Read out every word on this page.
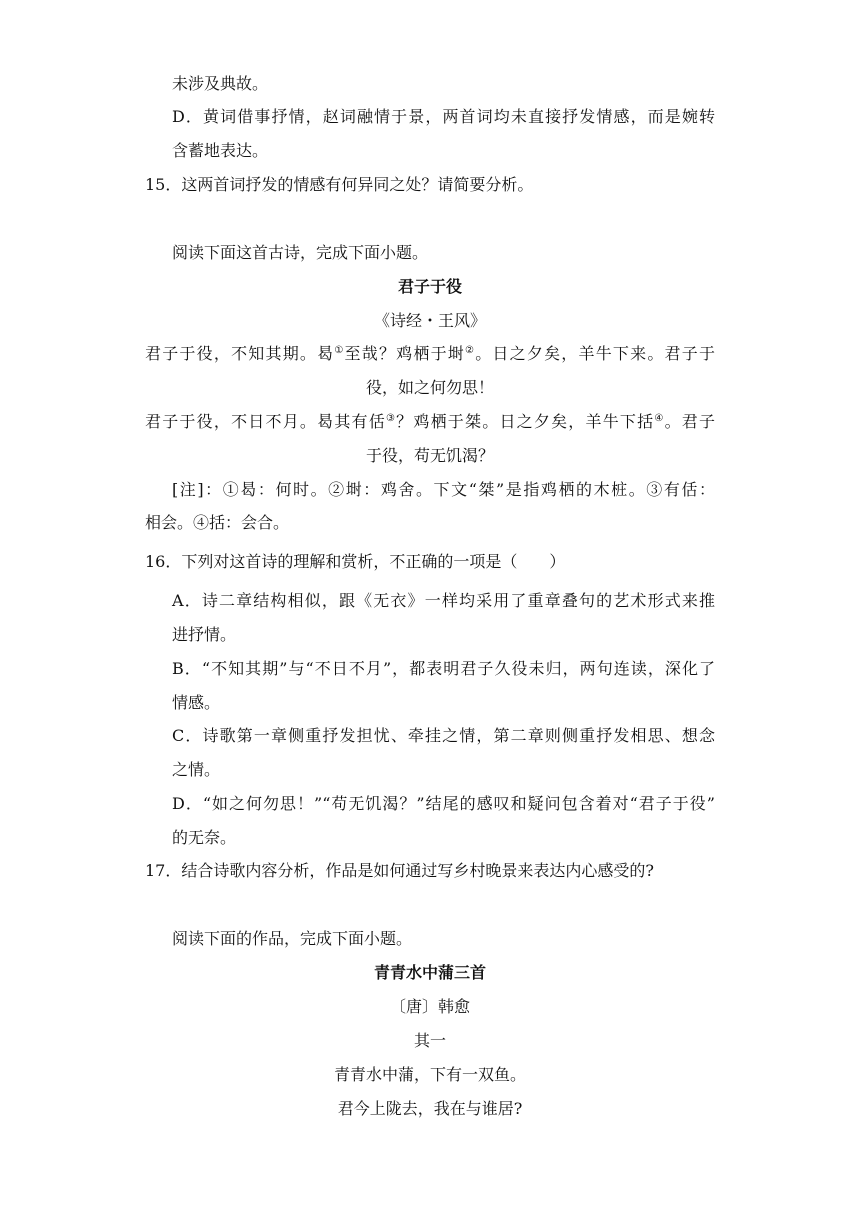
未涉及典故。
D．黄词借事抒情，赵词融情于景，两首词均未直接抒发情感，而是婉转
含蓄地表达。
15．这两首词抒发的情感有何异同之处？请简要分析。
阅读下面这首古诗，完成下面小题。
君子于役
《诗经・王风》
君子于役，不知其期。曷①至哉？鸡栖于埘②。日之夕矣，羊牛下来。君子于
役，如之何勿思！
君子于役，不日不月。曷其有佸③？鸡栖于桀。日之夕矣，羊牛下括④。君子
于役，苟无饥渴？
[注]：①曷：何时。②埘：鸡舍。下文“桀”是指鸡栖的木桩。③有佸：
相会。④括：会合。
16．下列对这首诗的理解和赏析，不正确的一项是（　　）
A．诗二章结构相似，跟《无衣》一样均采用了重章叠句的艺术形式来推
进抒情。
B．“不知其期”与“不日不月”，都表明君子久役未归，两句连读，深化了
情感。
C．诗歌第一章侧重抒发担忧、牵挂之情，第二章则侧重抒发相思、想念
之情。
D．“如之何勿思！”“苟无饥渴？”结尾的感叹和疑问包含着对“君子于役”
的无奈。
17．结合诗歌内容分析，作品是如何通过写乡村晚景来表达内心感受的?
阅读下面的作品，完成下面小题。
青青水中蒲三首
〔唐〕韩愈
其一
青青水中蒲，下有一双鱼。
君今上陇去，我在与谁居?
